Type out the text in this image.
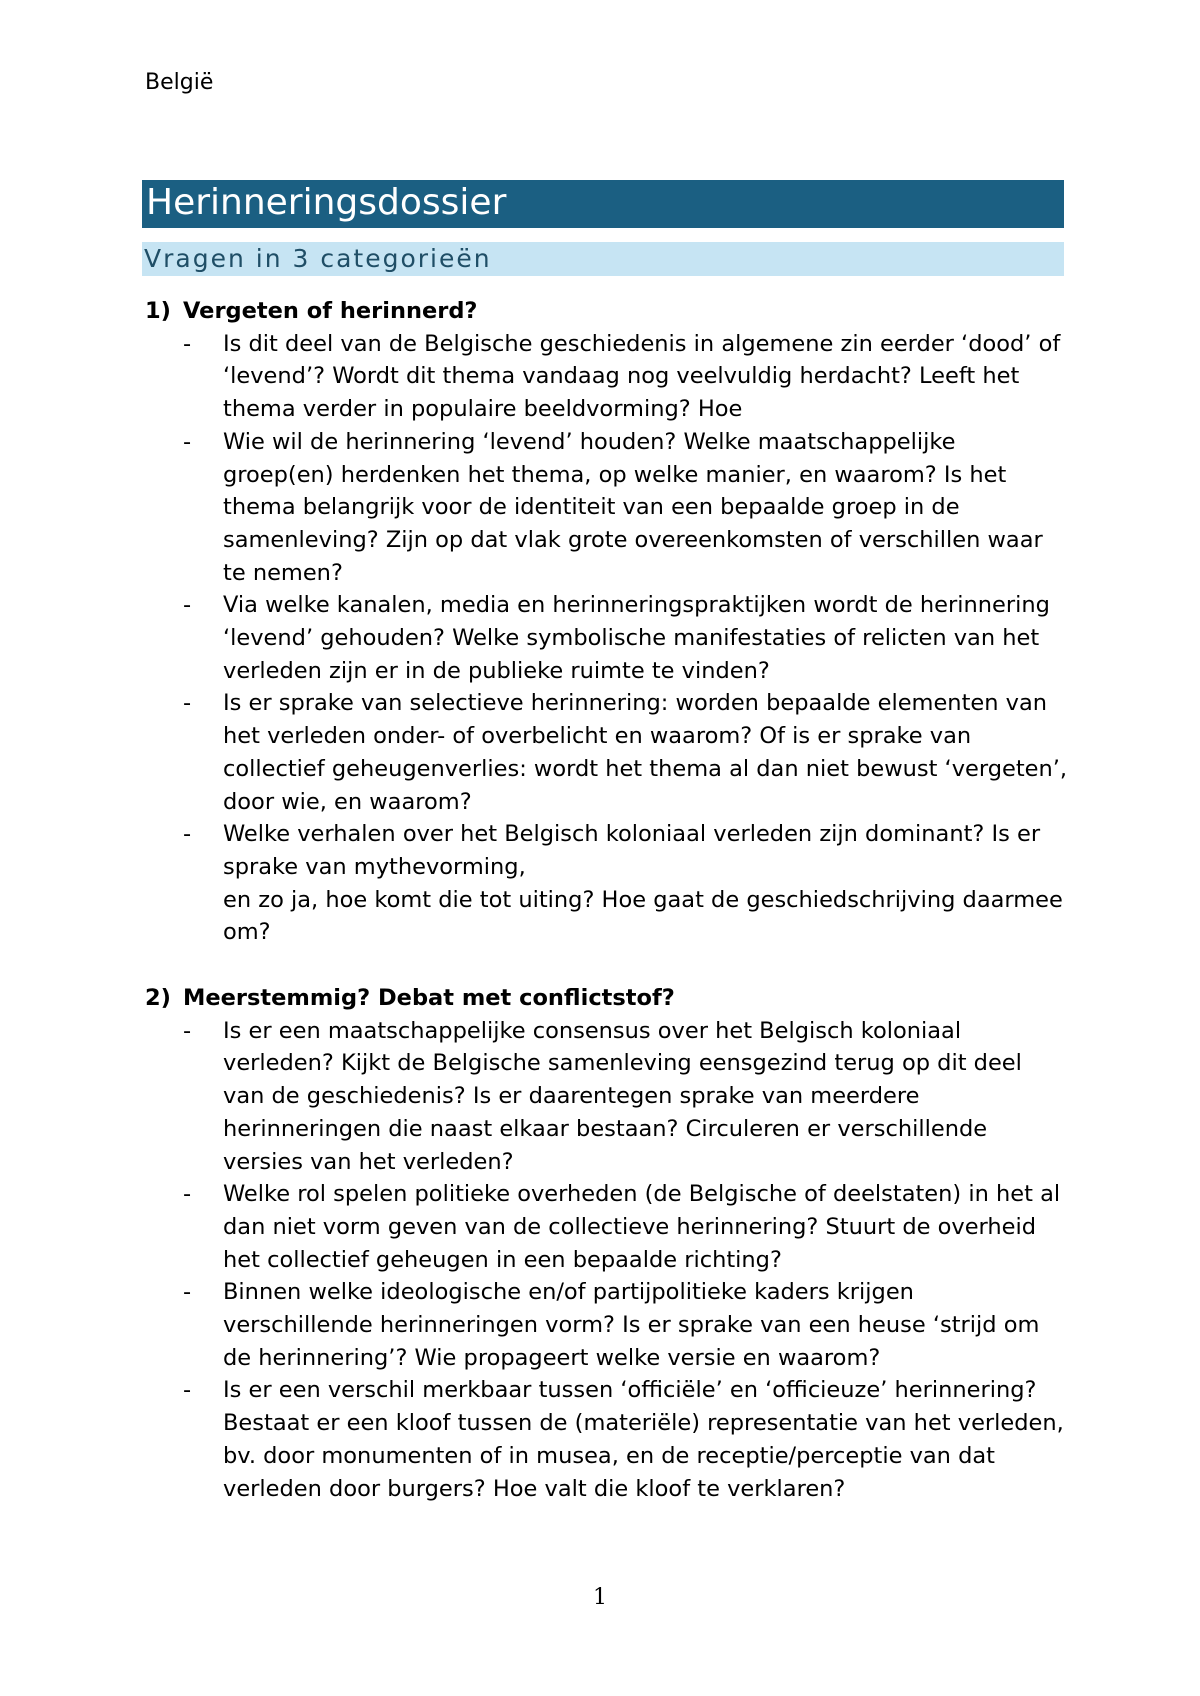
België
Herinneringsdossier
Vragen in 3 categorieën
1) Vergeten of herinnerd?
- Is dit deel van de Belgische geschiedenis in algemene zin eerder ‘dood’ of ‘levend’? Wordt dit thema vandaag nog veelvuldig herdacht? Leeft het thema verder in populaire beeldvorming? Hoe
- Wie wil de herinnering ‘levend’ houden? Welke maatschappelijke groep(en) herdenken het thema, op welke manier, en waarom? Is het thema belangrijk voor de identiteit van een bepaalde groep in de samenleving? Zijn op dat vlak grote overeenkomsten of verschillen waar te nemen?
- Via welke kanalen, media en herinneringspraktijken wordt de herinnering ‘levend’ gehouden? Welke symbolische manifestaties of relicten van het verleden zijn er in de publieke ruimte te vinden?
- Is er sprake van selectieve herinnering: worden bepaalde elementen van het verleden onder- of overbelicht en waarom? Of is er sprake van collectief geheugenverlies: wordt het thema al dan niet bewust ‘vergeten’, door wie, en waarom?
- Welke verhalen over het Belgisch koloniaal verleden zijn dominant? Is er sprake van mythevorming,
en zo ja, hoe komt die tot uiting? Hoe gaat de geschiedschrijving daarmee om?
2) Meerstemmig? Debat met conflictstof?
- Is er een maatschappelijke consensus over het Belgisch koloniaal verleden? Kijkt de Belgische samenleving eensgezind terug op dit deel van de geschiedenis? Is er daarentegen sprake van meerdere herinneringen die naast elkaar bestaan? Circuleren er verschillende versies van het verleden?
- Welke rol spelen politieke overheden (de Belgische of deelstaten) in het al dan niet vorm geven van de collectieve herinnering? Stuurt de overheid het collectief geheugen in een bepaalde richting?
- Binnen welke ideologische en/of partijpolitieke kaders krijgen verschillende herinneringen vorm? Is er sprake van een heuse ‘strijd om de herinnering’? Wie propageert welke versie en waarom?
- Is er een verschil merkbaar tussen ‘officiële’ en ‘officieuze’ herinnering? Bestaat er een kloof tussen de (materiële) representatie van het verleden, bv. door monumenten of in musea, en de receptie/perceptie van dat verleden door burgers? Hoe valt die kloof te verklaren?
1
